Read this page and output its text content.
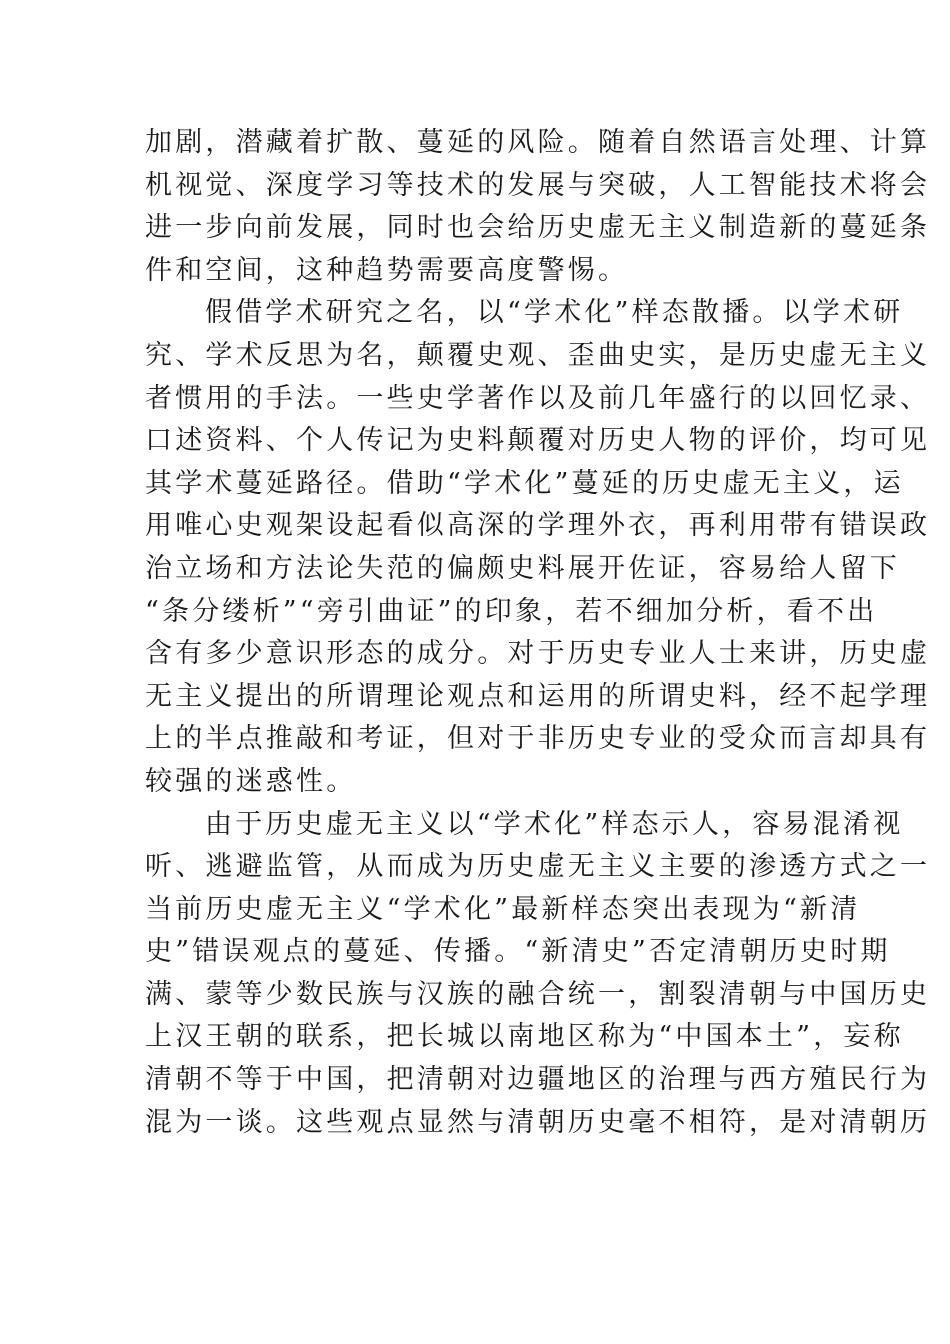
加剧，潜藏着扩散、蔓延的风险。随着自然语言处理、计算
机视觉、深度学习等技术的发展与突破，人工智能技术将会
进一步向前发展，同时也会给历史虚无主义制造新的蔓延条
件和空间，这种趋势需要高度警惕。
假借学术研究之名，以“学术化”样态散播。以学术研
究、学术反思为名，颠覆史观、歪曲史实，是历史虚无主义
者惯用的手法。一些史学著作以及前几年盛行的以回忆录、
口述资料、个人传记为史料颠覆对历史人物的评价，均可见
其学术蔓延路径。借助“学术化”蔓延的历史虚无主义，运
用唯心史观架设起看似高深的学理外衣，再利用带有错误政
治立场和方法论失范的偏颇史料展开佐证，容易给人留下
“条分缕析”“旁引曲证”的印象，若不细加分析，看不出
含有多少意识形态的成分。对于历史专业人士来讲，历史虚
无主义提出的所谓理论观点和运用的所谓史料，经不起学理
上的半点推敲和考证，但对于非历史专业的受众而言却具有
较强的迷惑性。
由于历史虚无主义以“学术化”样态示人，容易混淆视
听、逃避监管，从而成为历史虚无主义主要的渗透方式之一
当前历史虚无主义“学术化”最新样态突出表现为“新清
史”错误观点的蔓延、传播。“新清史”否定清朝历史时期
满、蒙等少数民族与汉族的融合统一，割裂清朝与中国历史
上汉王朝的联系，把长城以南地区称为“中国本土”，妄称
清朝不等于中国，把清朝对边疆地区的治理与西方殖民行为
混为一谈。这些观点显然与清朝历史毫不相符，是对清朝历
